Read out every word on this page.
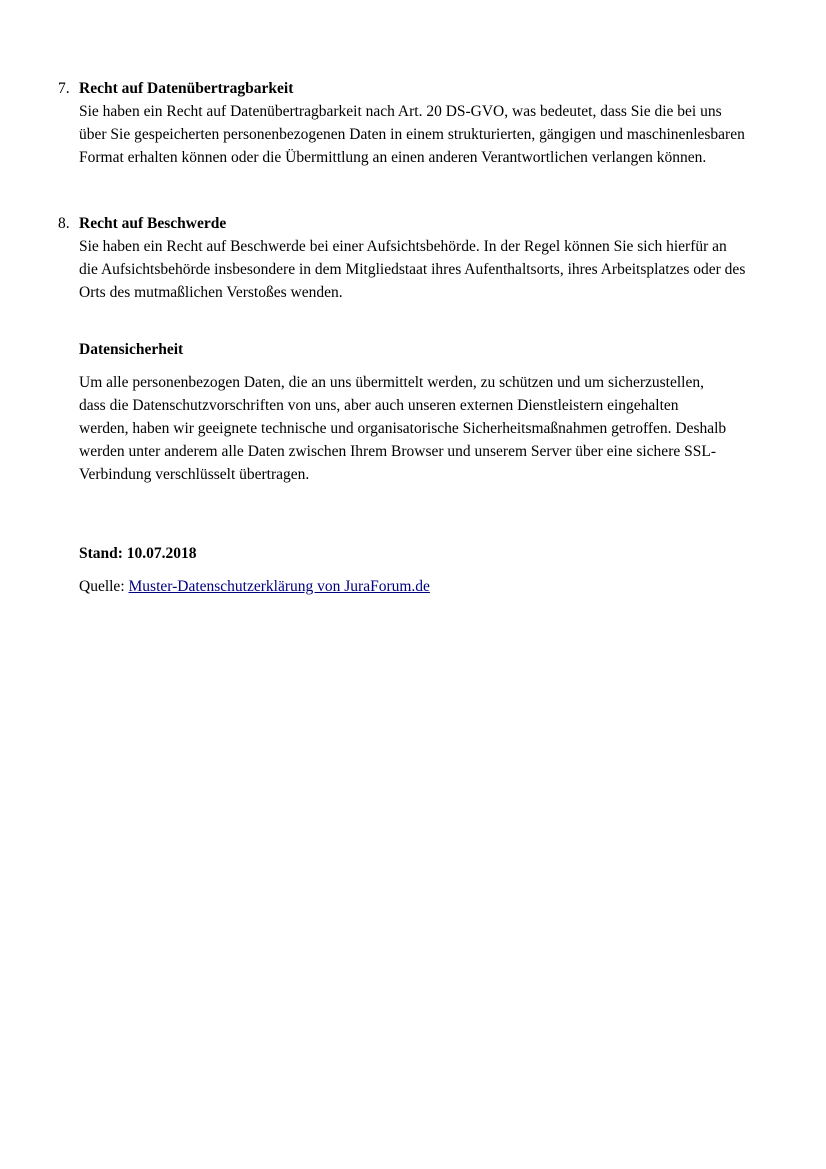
7. Recht auf Datenübertragbarkeit
Sie haben ein Recht auf Datenübertragbarkeit nach Art. 20 DS-GVO, was bedeutet, dass Sie die bei uns über Sie gespeicherten personenbezogenen Daten in einem strukturierten, gängigen und maschinenlesbaren Format erhalten können oder die Übermittlung an einen anderen Verantwortlichen verlangen können.
8. Recht auf Beschwerde
Sie haben ein Recht auf Beschwerde bei einer Aufsichtsbehörde. In der Regel können Sie sich hierfür an die Aufsichtsbehörde insbesondere in dem Mitgliedstaat ihres Aufenthaltsorts, ihres Arbeitsplatzes oder des Orts des mutmaßlichen Verstoßes wenden.
Datensicherheit
Um alle personenbezogen Daten, die an uns übermittelt werden, zu schützen und um sicherzustellen, dass die Datenschutzvorschriften von uns, aber auch unseren externen Dienstleistern eingehalten werden, haben wir geeignete technische und organisatorische Sicherheitsmaßnahmen getroffen. Deshalb werden unter anderem alle Daten zwischen Ihrem Browser und unserem Server über eine sichere SSL-Verbindung verschlüsselt übertragen.
Stand: 10.07.2018
Quelle: Muster-Datenschutzerklärung von JuraForum.de
